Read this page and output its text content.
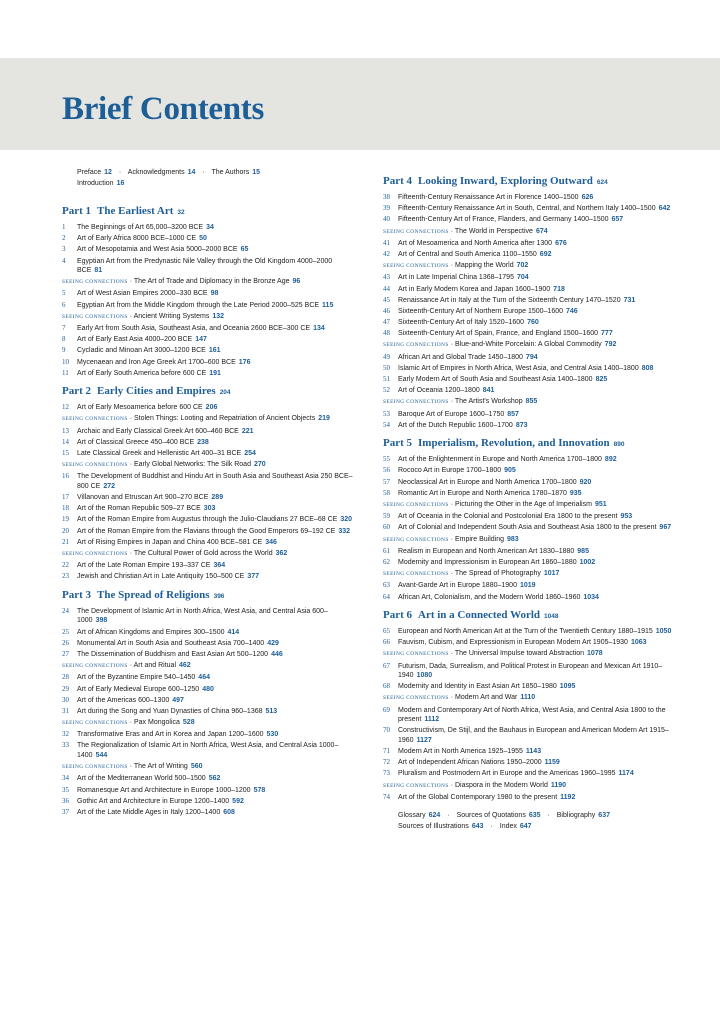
Brief Contents
Preface 12 · Acknowledgments 14 · The Authors 15
Introduction 16
Part 1 The Earliest Art 32
1 The Beginnings of Art 65,000–3200 BCE 34
2 Art of Early Africa 8000 BCE–1000 CE 50
3 Art of Mesopotamia and West Asia 5000–2000 BCE 65
4 Egyptian Art from the Predynastic Nile Valley through the Old Kingdom 4000–2000 BCE 81
SEEING CONNECTIONS · The Art of Trade and Diplomacy in the Bronze Age 96
5 Art of West Asian Empires 2000–330 BCE 98
6 Egyptian Art from the Middle Kingdom through the Late Period 2000–525 BCE 115
SEEING CONNECTIONS · Ancient Writing Systems 132
7 Early Art from South Asia, Southeast Asia, and Oceania 2600 BCE–300 CE 134
8 Art of Early East Asia 4000–200 BCE 147
9 Cycladic and Minoan Art 3000–1200 BCE 161
10 Mycenaean and Iron Age Greek Art 1700–600 BCE 176
11 Art of Early South America before 600 CE 191
Part 2 Early Cities and Empires 204
12 Art of Early Mesoamerica before 600 CE 206
SEEING CONNECTIONS · Stolen Things: Looting and Repatriation of Ancient Objects 219
13 Archaic and Early Classical Greek Art 600–460 BCE 221
14 Art of Classical Greece 450–400 BCE 238
15 Late Classical Greek and Hellenistic Art 400–31 BCE 254
SEEING CONNECTIONS · Early Global Networks: The Silk Road 270
16 The Development of Buddhist and Hindu Art in South Asia and Southeast Asia 250 BCE–800 CE 272
17 Villanovan and Etruscan Art 900–270 BCE 289
18 Art of the Roman Republic 509–27 BCE 303
19 Art of the Roman Empire from Augustus through the Julio-Claudians 27 BCE–68 CE 320
20 Art of the Roman Empire from the Flavians through the Good Emperors 69–192 CE 332
21 Art of Rising Empires in Japan and China 400 BCE–581 CE 346
SEEING CONNECTIONS · The Cultural Power of Gold across the World 362
22 Art of the Late Roman Empire 193–337 CE 364
23 Jewish and Christian Art in Late Antiquity 150–500 CE 377
Part 3 The Spread of Religions 396
24 The Development of Islamic Art in North Africa, West Asia, and Central Asia 600–1000 398
25 Art of African Kingdoms and Empires 300–1500 414
26 Monumental Art in South Asia and Southeast Asia 700–1400 429
27 The Dissemination of Buddhism and East Asian Art 500–1200 446
SEEING CONNECTIONS · Art and Ritual 462
28 Art of the Byzantine Empire 540–1450 464
29 Art of Early Medieval Europe 600–1250 480
30 Art of the Americas 600–1300 497
31 Art during the Song and Yuan Dynasties of China 960–1368 513
SEEING CONNECTIONS · Pax Mongolica 528
32 Transformative Eras and Art in Korea and Japan 1200–1600 530
33 The Regionalization of Islamic Art in North Africa, West Asia, and Central Asia 1000–1400 544
SEEING CONNECTIONS · The Art of Writing 560
34 Art of the Mediterranean World 500–1500 562
35 Romanesque Art and Architecture in Europe 1000–1200 578
36 Gothic Art and Architecture in Europe 1200–1400 592
37 Art of the Late Middle Ages in Italy 1200–1400 608
Part 4 Looking Inward, Exploring Outward 624
38 Fifteenth-Century Renaissance Art in Florence 1400–1500 626
39 Fifteenth-Century Renaissance Art in South, Central, and Northern Italy 1400–1500 642
40 Fifteenth-Century Art of France, Flanders, and Germany 1400–1500 657
SEEING CONNECTIONS · The World in Perspective 674
41 Art of Mesoamerica and North America after 1300 676
42 Art of Central and South America 1100–1550 692
SEEING CONNECTIONS · Mapping the World 702
43 Art in Late Imperial China 1368–1795 704
44 Art in Early Modern Korea and Japan 1600–1900 718
45 Renaissance Art in Italy at the Turn of the Sixteenth Century 1470–1520 731
46 Sixteenth-Century Art of Northern Europe 1500–1600 746
47 Sixteenth-Century Art of Italy 1520–1600 760
48 Sixteenth-Century Art of Spain, France, and England 1500–1600 777
SEEING CONNECTIONS · Blue-and-White Porcelain: A Global Commodity 792
49 African Art and Global Trade 1450–1800 794
50 Islamic Art of Empires in North Africa, West Asia, and Central Asia 1400–1800 808
51 Early Modern Art of South Asia and Southeast Asia 1400–1800 825
52 Art of Oceania 1200–1800 841
SEEING CONNECTIONS · The Artist's Workshop 855
53 Baroque Art of Europe 1600–1750 857
54 Art of the Dutch Republic 1600–1700 873
Part 5 Imperialism, Revolution, and Innovation 890
55 Art of the Enlightenment in Europe and North America 1700–1800 892
56 Rococo Art in Europe 1700–1800 905
57 Neoclassical Art in Europe and North America 1700–1800 920
58 Romantic Art in Europe and North America 1780–1870 935
SEEING CONNECTIONS · Picturing the Other in the Age of Imperialism 951
59 Art of Oceania in the Colonial and Postcolonial Era 1800 to the present 953
60 Art of Colonial and Independent South Asia and Southeast Asia 1800 to the present 967
SEEING CONNECTIONS · Empire Building 983
61 Realism in European and North American Art 1830–1880 985
62 Modernity and Impressionism in European Art 1860–1880 1002
SEEING CONNECTIONS · The Spread of Photography 1017
63 Avant-Garde Art in Europe 1880–1900 1019
64 African Art, Colonialism, and the Modern World 1860–1960 1034
Part 6 Art in a Connected World 1048
65 European and North American Art at the Turn of the Twentieth Century 1880–1915 1050
66 Fauvism, Cubism, and Expressionism in European Modern Art 1905–1930 1063
SEEING CONNECTIONS · The Universal Impulse toward Abstraction 1078
67 Futurism, Dada, Surrealism, and Political Protest in European and Mexican Art 1910–1940 1080
68 Modernity and Identity in East Asian Art 1850–1980 1095
SEEING CONNECTIONS · Modern Art and War 1110
69 Modern and Contemporary Art of North Africa, West Asia, and Central Asia 1800 to the present 1112
70 Constructivism, De Stijl, and the Bauhaus in European and American Modern Art 1915–1960 1127
71 Modern Art in North America 1925–1955 1143
72 Art of Independent African Nations 1950–2000 1159
73 Pluralism and Postmodern Art in Europe and the Americas 1960–1995 1174
SEEING CONNECTIONS · Diaspora in the Modern World 1190
74 Art of the Global Contemporary 1980 to the present 1192
Glossary 624 · Sources of Quotations 635 · Bibliography 637
Sources of Illustrations 643 · Index 647
